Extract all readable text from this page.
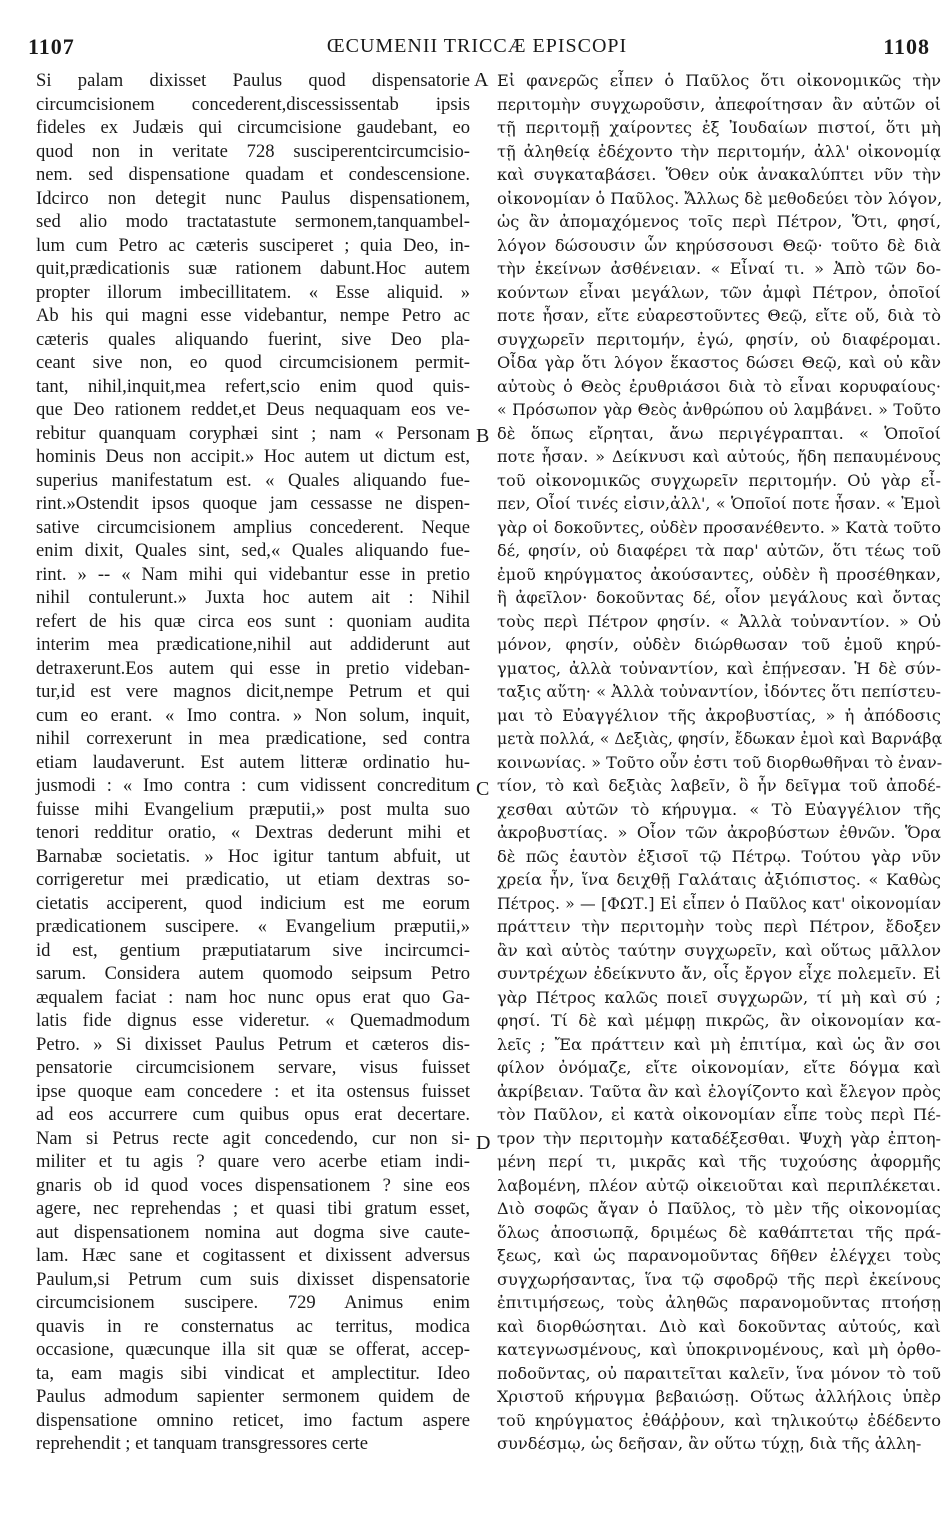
1107	ŒCUMENII TRICCÆ EPISCOPI	1108
Si palam dixisset Paulus quod dispensatorie
circumcisionem concederent,discessissentab ipsis
fideles ex Judæis qui circumcisione gaudebant, eo
quod non in veritate 728 susciperentcircumcisio-
nem. sed dispensatione quadam et condescensione.
Idcirco non detegit nunc Paulus dispensationem,
sed alio modo tractatastute sermonem,tanquambel-
lum cum Petro ac cæteris susciperet ; quia Deo, in-
quit,prædicationis suæ rationem dabunt.Hoc autem
propter illorum imbecillitatem. « Esse aliquid. »
Ab his qui magni esse videbantur, nempe Petro ac
cæteris quales aliquando fuerint, sive Deo pla-
ceant sive non, eo quod circumcisionem permit-
tant, nihil,inquit,mea refert,scio enim quod quis-
que Deo rationem reddet,et Deus nequaquam eos ve-
rebitur quanquam coryphæi sint ; nam « Personam
hominis Deus non accipit.» Hoc autem ut dictum est,
superius manifestatum est. « Quales aliquando fue-
rint.»Ostendit ipsos quoque jam cessasse ne dispen-
sative circumcisionem amplius concederent. Neque
enim dixit, Quales sint, sed,« Quales aliquando fue-
rint. » -- « Nam mihi qui videbantur esse in pretio
nihil contulerunt.» Juxta hoc autem ait : Nihil
refert de his quæ circa eos sunt : quoniam audita
interim mea prædicatione,nihil aut addiderunt aut
detraxerunt.Eos autem qui esse in pretio videban-
tur,id est vere magnos dicit,nempe Petrum et qui
cum eo erant. « Imo contra. » Non solum, inquit,
nihil correxerunt in mea prædicatione, sed contra
etiam laudaverunt. Est autem litteræ ordinatio hu-
jusmodi : « Imo contra : cum vidissent concreditum
fuisse mihi Evangelium præputii,» post multa suo
tenori redditur oratio, « Dextras dederunt mihi et
Barnabæ societatis. » Hoc igitur tantum abfuit, ut
corrigeretur mei prædicatio, ut etiam dextras so-
cietatis acciperent, quod indicium est me eorum
prædicationem suscipere. « Evangelium præputii,»
id est, gentium præputiatarum sive incircumci-
sarum. Considera autem quomodo seipsum Petro
æqualem faciat : nam hoc nunc opus erat quo Ga-
latis fide dignus esse videretur. « Quemadmodum
Petro. » Si dixisset Paulus Petrum et cæteros dis-
pensatorie circumcisionem servare, visus fuisset
ipse quoque eam concedere : et ita ostensus fuisset
ad eos accurrere cum quibus opus erat decertare.
Nam si Petrus recte agit concedendo, cur non si-
militer et tu agis ? quare vero acerbe etiam indi-
gnaris ob id quod voces dispensationem ? sine eos
agere, nec reprehendas ; et quasi tibi gratum esset,
aut dispensationem nomina aut dogma sive caute-
lam. Hæc sane et cogitassent et dixissent adversus
Paulum,si Petrum cum suis dixisset dispensatorie
circumcisionem suscipere. 729 Animus enim
quavis in re consternatus ac territus, modica
occasione, quæcunque illa sit quæ se offerat, accep-
ta, eam magis sibi vindicat et amplectitur. Ideo
Paulus admodum sapienter sermonem quidem de
dispensatione omnino reticet, imo factum asperе
reprehendit ; et tanquam transgressores certe
Εἰ φανερῶς εἶπεν ὁ Παῦλος ὅτι οἰκονομικῶς τὴν
περιτομὴν συγχωροῦσιν, ἀπεφοίτησαν ἂν αὐτῶν οἱ
τῇ περιτομῇ χαίροντες ἐξ Ἰουδαίων πιστοί, ὅτι μὴ
τῇ ἀληθείᾳ ἐδέχοντο τὴν περιτομήν, ἀλλ' οἰκονομίᾳ
καὶ συγκαταβάσει. Ὅθεν οὐκ ἀνακαλύπτει νῦν τὴν
οἰκονομίαν ὁ Παῦλος. Ἄλλως δὲ μεθοδεύει τὸν λόγον,
ὡς ἂν ἀπομαχόμενος τοῖς περὶ Πέτρον, Ὅτι, φησί,
λόγον δώσουσιν ὧν κηρύσσουσι Θεῷ· τοῦτο δὲ διὰ
τὴν ἐκείνων ἀσθένειαν. « Εἶναί τι. » Ἀπὸ τῶν δο-
κούντων εἶναι μεγάλων, τῶν ἀμφὶ Πέτρον, ὁποῖοί
ποτε ἦσαν, εἴτε εὐαρεστοῦντες Θεῷ, εἴτε οὔ, διὰ τὸ
συγχωρεῖν περιτομήν, ἐγώ, φησίν, οὐ διαφέρομαι.
Οἶδα γὰρ ὅτι λόγον ἕκαστος δώσει Θεῷ, καὶ οὐ κἂν
αὐτοὺς ὁ Θεὸς ἐρυθριάσοι διὰ τὸ εἶναι κορυφαίους·
« Πρόσωπον γὰρ Θεὸς ἀνθρώπου οὐ λαμβάνει. » Τοῦτο
δὲ ὅπως εἴρηται, ἄνω περιγέγραπται. « Ὁποῖοί
ποτε ἦσαν. » Δείκνυσι καὶ αὐτούς, ἤδη πεπαυμένους
τοῦ οἰκονομικῶς συγχωρεῖν περιτομήν. Οὐ γὰρ εἶ-
πεν, Οἷοί τινές εἰσιν,ἀλλ', « Ὁποῖοί ποτε ἦσαν. « Ἐμοὶ
γὰρ οἱ δοκοῦντες, οὐδὲν προσανέθεντο. » Κατὰ τοῦτο
δέ, φησίν, οὐ διαφέρει τὰ παρ' αὐτῶν, ὅτι τέως τοῦ
ἐμοῦ κηρύγματος ἀκούσαντες, οὐδὲν ἢ προσέθηκαν,
ἢ ἀφεῖλον· δοκοῦντας δέ, οἷον μεγάλους καὶ ὄντας
τοὺς περὶ Πέτρον φησίν. « Ἀλλὰ τοὐναντίον. » Οὐ
μόνον, φησίν, οὐδὲν διώρθωσαν τοῦ ἐμοῦ κηρύ-
γματος, ἀλλὰ τοὐναντίον, καὶ ἐπῄνεσαν. Ἡ δὲ σύν-
ταξις αὕτη· « Ἀλλὰ τοὐναντίον, ἰδόντες ὅτι πεπίστευ-
μαι τὸ Εὐαγγέλιον τῆς ἀκροβυστίας, » ἡ ἀπόδοσις
μετὰ πολλά, « Δεξιὰς, φησίν, ἔδωκαν ἐμοὶ καὶ Βαρνάβᾳ
κοινωνίας. » Τοῦτο οὖν ἐστι τοῦ διορθωθῆναι τὸ ἐναν-
τίον, τὸ καὶ δεξιὰς λαβεῖν, ὃ ἦν δεῖγμα τοῦ ἀποδέ-
χεσθαι αὐτῶν τὸ κήρυγμα. « Τὸ Εὐαγγέλιον τῆς
ἀκροβυστίας. » Οἷον τῶν ἀκροβύστων ἐθνῶν. Ὅρα
δὲ πῶς ἑαυτὸν ἐξισοῖ τῷ Πέτρῳ. Τούτου γὰρ νῦν
χρεία ἦν, ἵνα δειχθῇ Γαλάταις ἀξιόπιστος. « Καθὼς
Πέτρος. » — [ΦΩΤ.] Εἰ εἶπεν ὁ Παῦλος κατ' οἰκονομίαν
πράττειν τὴν περιτομὴν τοὺς περὶ Πέτρον, ἔδοξεν
ἂν καὶ αὐτὸς ταύτην συγχωρεῖν, καὶ οὕτως μᾶλλον
συντρέχων ἐδείκνυτο ἄν, οἷς ἔργον εἶχε πολεμεῖν. Εἰ
γὰρ Πέτρος καλῶς ποιεῖ συγχωρῶν, τί μὴ καὶ σύ ;
φησί. Τί δὲ καὶ μέμφῃ πικρῶς, ἂν οἰκονομίαν κα-
λεῖς ; Ἔα πράττειν καὶ μὴ ἐπιτίμα, καὶ ὡς ἂν σοι
φίλον ὀνόμαζε, εἴτε οἰκονομίαν, εἴτε δόγμα καὶ
ἀκρίβειαν. Ταῦτα ἂν καὶ ἐλογίζοντο καὶ ἔλεγον πρὸς
τὸν Παῦλον, εἰ κατὰ οἰκονομίαν εἶπε τοὺς περὶ Πέ-
τρον τὴν περιτομὴν καταδέξεσθαι. Ψυχὴ γὰρ ἐπτοη-
μένη περί τι, μικρᾶς καὶ τῆς τυχούσης ἀφορμῆς
λαβομένη, πλέον αὐτῷ οἰκειοῦται καὶ περιπλέκεται.
Διὸ σοφῶς ἄγαν ὁ Παῦλος, τὸ μὲν τῆς οἰκονομίας
ὅλως ἀποσιωπᾷ, δριμέως δὲ καθάπτεται τῆς πρά-
ξεως, καὶ ὡς παρανομοῦντας δῆθεν ἐλέγχει τοὺς
συγχωρήσαντας, ἵνα τῷ σφοδρῷ τῆς περὶ ἐκείνους
ἐπιτιμήσεως, τοὺς ἀληθῶς παρανομοῦντας πτοήσῃ
καὶ διορθώσηται. Διὸ καὶ δοκοῦντας αὐτούς, καὶ
κατεγνωσμένους, καὶ ὑποκρινομένους, καὶ μὴ ὀρθο-
ποδοῦντας, οὐ παραιτεῖται καλεῖν, ἵνα μόνον τὸ τοῦ
Χριστοῦ κήρυγμα βεβαιώσῃ. Οὕτως ἀλλήλοις ὑπὲρ
τοῦ κηρύγματος ἐθάῤῥουν, καὶ τηλικούτῳ ἐδέδεντο
συνδέσμῳ, ὡς δεῆσαν, ἂν οὕτω τύχῃ, διὰ τῆς ἀλλη-
A
B
C
D
